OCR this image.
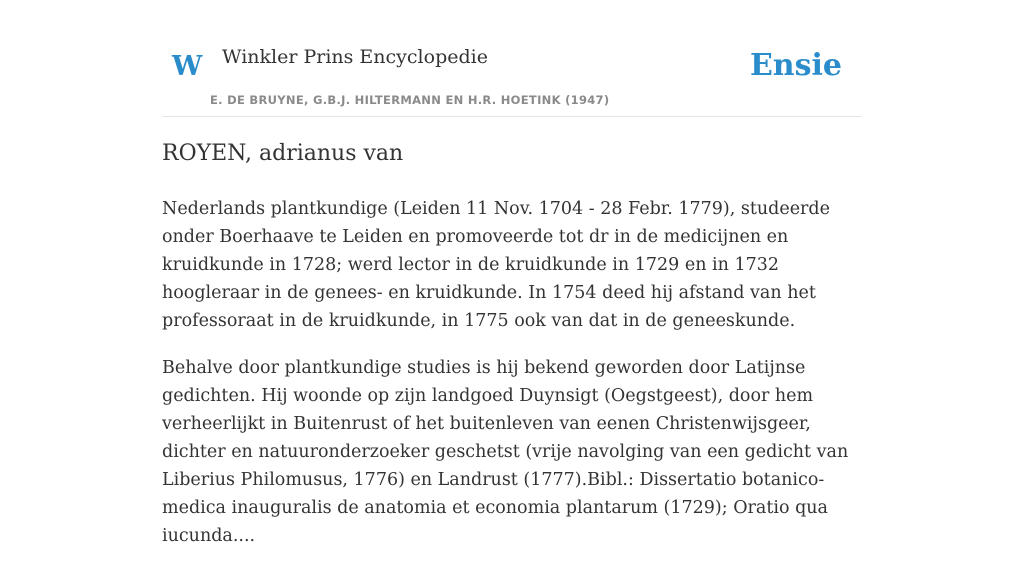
W Winkler Prins Encyclopedie
E. DE BRUYNE, G.B.J. HILTERMANN EN H.R. HOETINK (1947)
Ensie
ROYEN, adrianus van

Nederlands plantkundige (Leiden 11 Nov. 1704 - 28 Febr. 1779), studeerde onder Boerhaave te Leiden en promoveerde tot dr in de medicijnen en kruidkunde in 1728; werd lector in de kruidkunde in 1729 en in 1732 hoogleraar in de genees- en kruidkunde. In 1754 deed hij afstand van het professoraat in de kruidkunde, in 1775 ook van dat in de geneeskunde.

Behalve door plantkundige studies is hij bekend geworden door Latijnse gedichten. Hij woonde op zijn landgoed Duynsigt (Oegstgeest), door hem verheerlijkt in Buitenrust of het buitenleven van eenen Christenwijsgeer, dichter en natuuronderzoeker geschetst (vrije navolging van een gedicht van Liberius Philomusus, 1776) en Landrust (1777).Bibl.: Dissertatio botanico-medica inauguralis de anatomia et economia plantarum (1729); Oratio qua iucunda....
